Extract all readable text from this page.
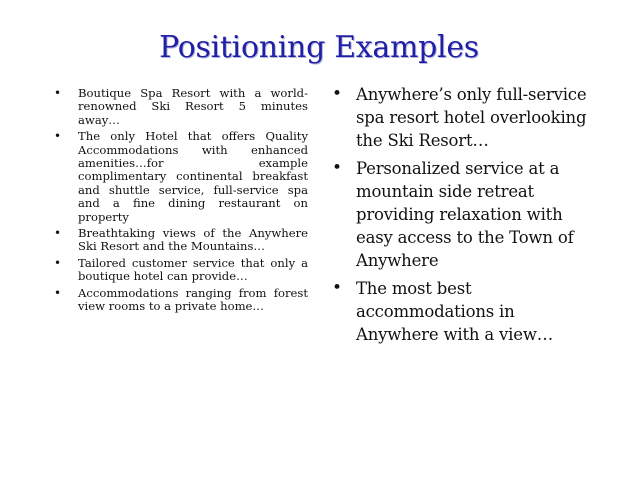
Positioning Examples
• Boutique Spa Resort with a world-renowned Ski Resort 5 minutes away…
• The only Hotel that offers Quality Accommodations with enhanced amenities…for example complimentary continental breakfast and shuttle service, full-service spa and a fine dining restaurant on property
• Breathtaking views of the Anywhere Ski Resort and the Mountains…
• Tailored customer service that only a boutique hotel can provide…
• Accommodations ranging from forest view rooms to a private home…
• Anywhere’s only full-service spa resort hotel overlooking the Ski Resort…
• Personalized service at a mountain side retreat providing relaxation with easy access to the Town of Anywhere
• The most best accommodations in Anywhere with a view…
